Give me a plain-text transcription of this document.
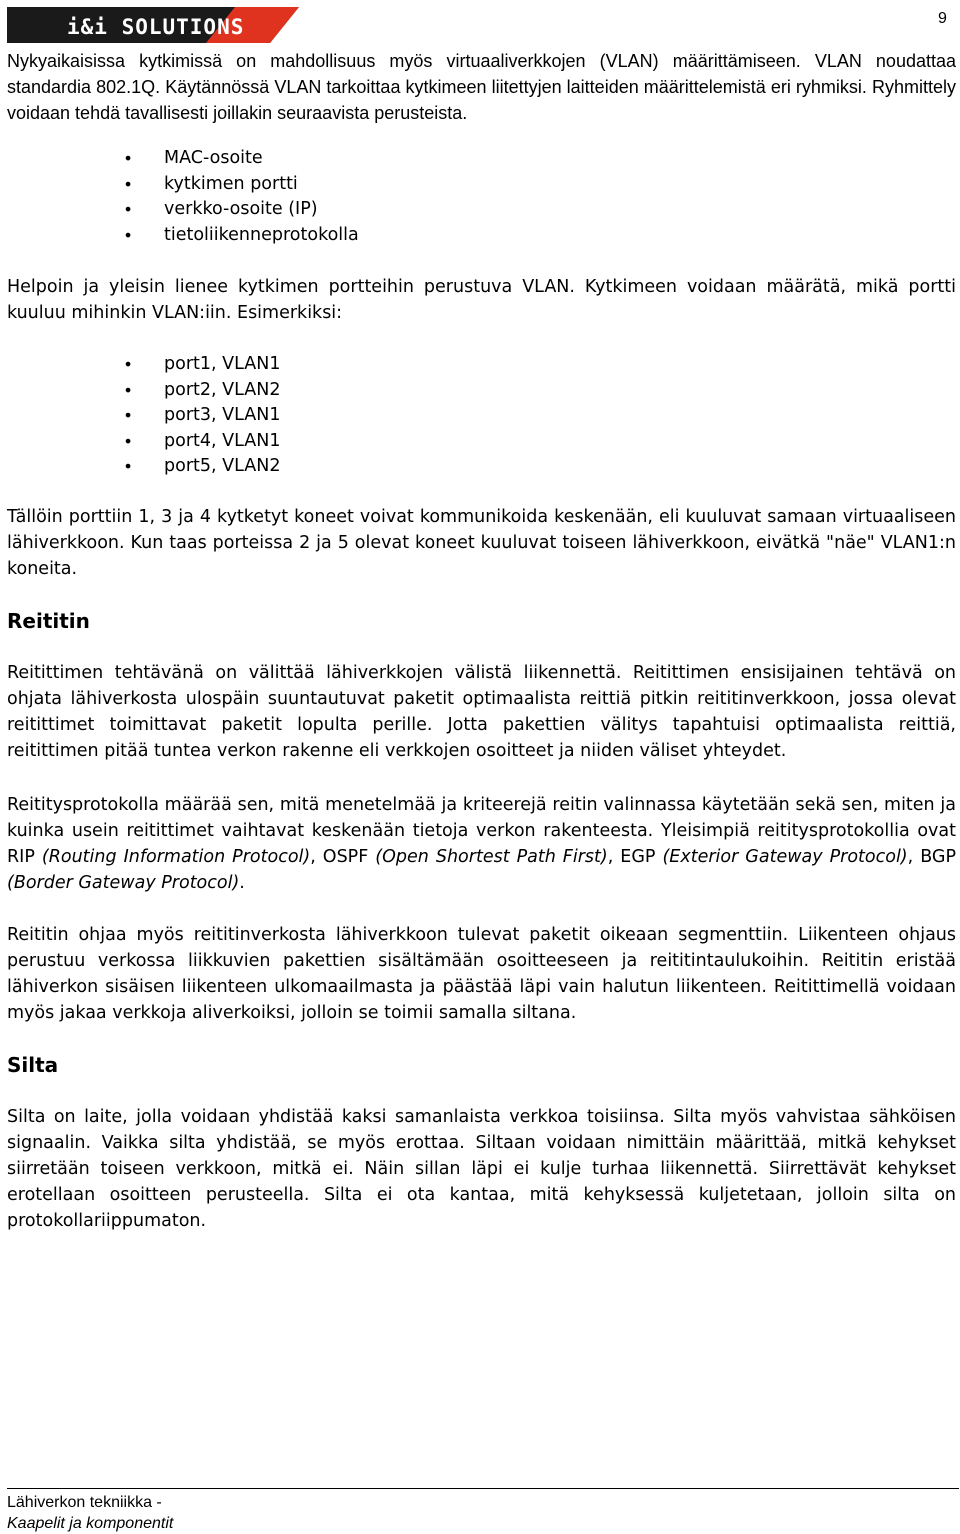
i&i SOLUTIONS	9

Nykyaikaisissa kytkimissä on mahdollisuus myös virtuaaliverkkojen (VLAN) määrittämiseen. VLAN noudattaa standardia 802.1Q. Käytännössä VLAN tarkoittaa kytkimeen liitettyjen laitteiden määrittelemistä eri ryhmiksi. Ryhmittely voidaan tehdä tavallisesti joillakin seuraavista perusteista.

• MAC-osoite
• kytkimen portti
• verkko-osoite (IP)
• tietoliikenneprotokolla

Helpoin ja yleisin lienee kytkimen portteihin perustuva VLAN. Kytkimeen voidaan määrätä, mikä portti kuuluu mihinkin VLAN:iin. Esimerkiksi:

• port1, VLAN1
• port2, VLAN2
• port3, VLAN1
• port4, VLAN1
• port5, VLAN2

Tällöin porttiin 1, 3 ja 4 kytketyt koneet voivat kommunikoida keskenään, eli kuuluvat samaan virtuaaliseen lähiverkkoon. Kun taas porteissa 2 ja 5 olevat koneet kuuluvat toiseen lähiverkkoon, eivätkä "näe" VLAN1:n koneita.

Reititin

Reitittimen tehtävänä on välittää lähiverkkojen välistä liikennettä. Reitittimen ensisijainen tehtävä on ohjata lähiverkosta ulospäin suuntautuvat paketit optimaalista reittiä pitkin reititinverkkoon, jossa olevat reitittimet toimittavat paketit lopulta perille. Jotta pakettien välitys tapahtuisi optimaalista reittiä, reitittimen pitää tuntea verkon rakenne eli verkkojen osoitteet ja niiden väliset yhteydet.

Reititysprotokolla määrää sen, mitä menetelmää ja kriteerejä reitin valinnassa käytetään sekä sen, miten ja kuinka usein reitittimet vaihtavat keskenään tietoja verkon rakenteesta. Yleisimpiä reititysprotokollia ovat RIP (Routing Information Protocol), OSPF (Open Shortest Path First), EGP (Exterior Gateway Protocol), BGP (Border Gateway Protocol).

Reititin ohjaa myös reititinverkosta lähiverkkoon tulevat paketit oikeaan segmenttiin. Liikenteen ohjaus perustuu verkossa liikkuvien pakettien sisältämään osoitteeseen ja reititintaulukoihin. Reititin eristää lähiverkon sisäisen liikenteen ulkomaailmasta ja päästää läpi vain halutun liikenteen. Reitittimellä voidaan myös jakaa verkkoja aliverkoiksi, jolloin se toimii samalla siltana.

Silta

Silta on laite, jolla voidaan yhdistää kaksi samanlaista verkkoa toisiinsa. Silta myös vahvistaa sähköisen signaalin. Vaikka silta yhdistää, se myös erottaa. Siltaan voidaan nimittäin määrittää, mitkä kehykset siirretään toiseen verkkoon, mitkä ei. Näin sillan läpi ei kulje turhaa liikennettä. Siirrettävät kehykset erotellaan osoitteen perusteella. Silta ei ota kantaa, mitä kehyksessä kuljetetaan, jolloin silta on protokollariippumaton.

Lähiverkon tekniikka -
Kaapelit ja komponentit
